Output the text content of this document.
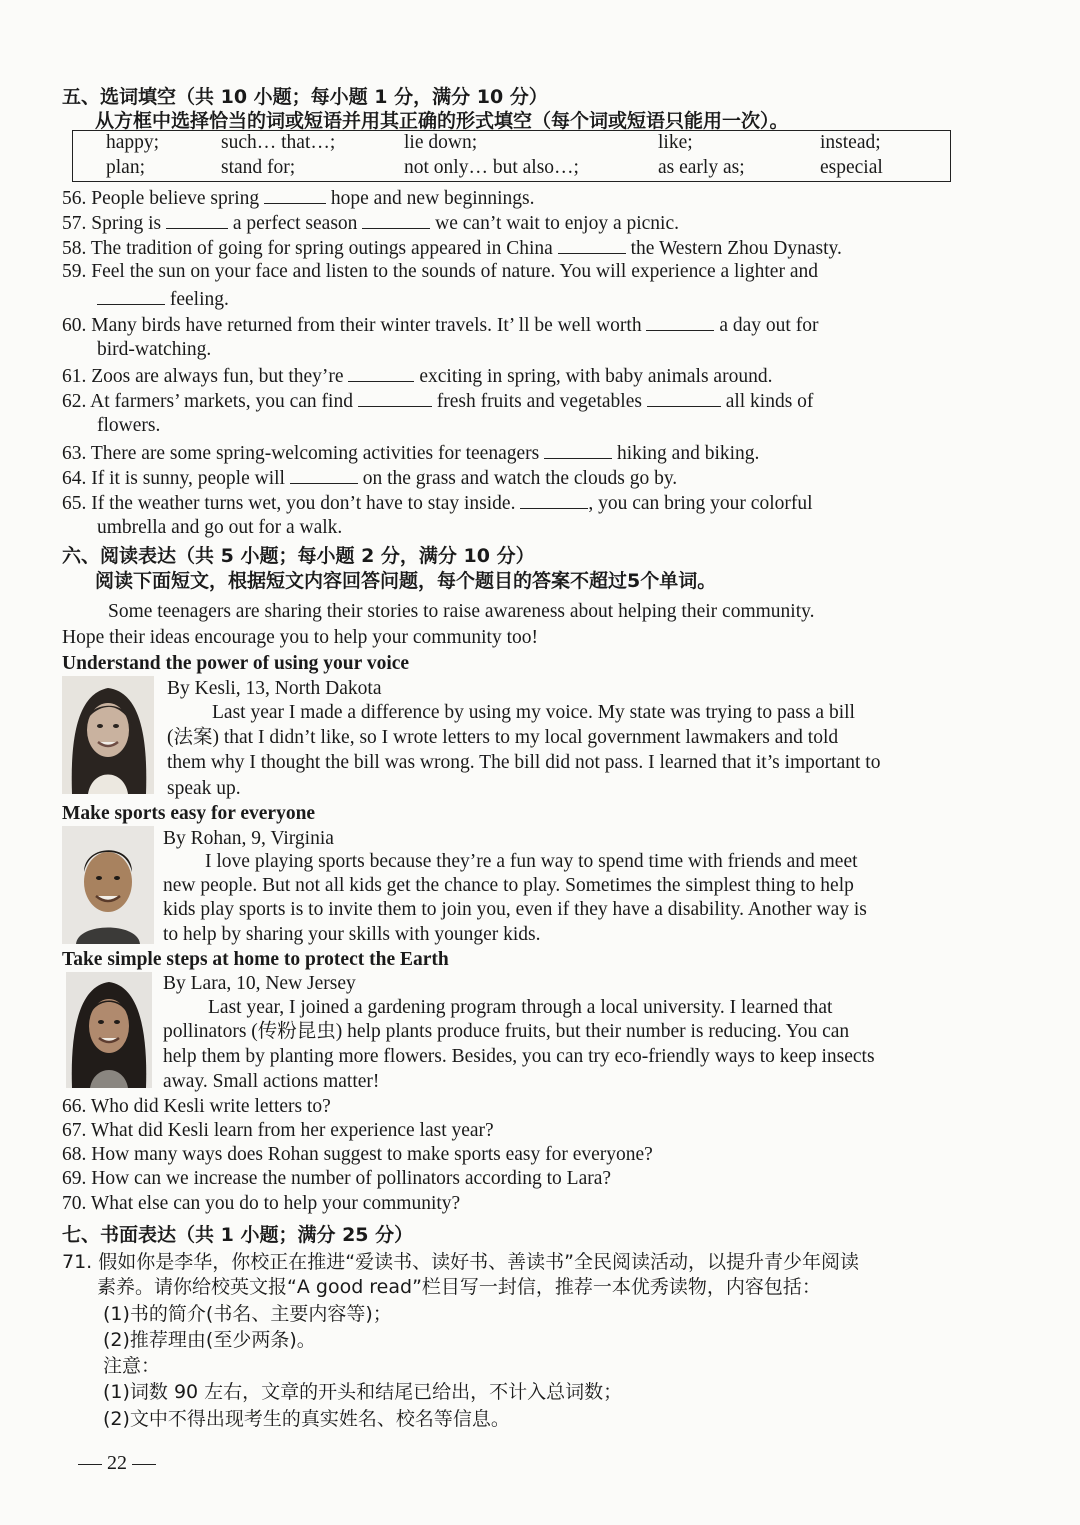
五、选词填空（共 10 小题；每小题 1 分，满分 10 分）
从方框中选择恰当的词或短语并用其正确的形式填空（每个词或短语只能用一次）。
happy;	such… that…;	lie down;	like;	instead;
plan;	stand for;	not only… but also…;	as early as;	especial
56. People believe spring	hope and new beginnings.
57. Spring is	a perfect season	we can’t wait to enjoy a picnic.
58. The tradition of going for spring outings appeared in China	the Western Zhou Dynasty.
59. Feel the sun on your face and listen to the sounds of nature. You will experience a lighter and
feeling.
60. Many birds have returned from their winter travels. It’ ll be well worth	a day out for
bird-watching.
61. Zoos are always fun, but they’re	exciting in spring, with baby animals around.
62. At farmers’ markets, you can find	fresh fruits and vegetables	all kinds of
flowers.
63. There are some spring-welcoming activities for teenagers	hiking and biking.
64. If it is sunny, people will	on the grass and watch the clouds go by.
65. If the weather turns wet, you don’t have to stay inside.	, you can bring your colorful
umbrella and go out for a walk.
六、阅读表达（共 5 小题；每小题 2 分，满分 10 分）
阅读下面短文，根据短文内容回答问题，每个题目的答案不超过5个单词。
Some teenagers are sharing their stories to raise awareness about helping their community.
Hope their ideas encourage you to help your community too!
Understand the power of using your voice
By Kesli, 13, North Dakota
Last year I made a difference by using my voice. My state was trying to pass a bill
(法案) that I didn’t like, so I wrote letters to my local government lawmakers and told
them why I thought the bill was wrong. The bill did not pass. I learned that it’s important to
speak up.
Make sports easy for everyone
By Rohan, 9, Virginia
I love playing sports because they’re a fun way to spend time with friends and meet
new people. But not all kids get the chance to play. Sometimes the simplest thing to help
kids play sports is to invite them to join you, even if they have a disability. Another way is
to help by sharing your skills with younger kids.
Take simple steps at home to protect the Earth
By Lara, 10, New Jersey
Last year, I joined a gardening program through a local university. I learned that
pollinators (传粉昆虫) help plants produce fruits, but their number is reducing. You can
help them by planting more flowers. Besides, you can try eco-friendly ways to keep insects
away. Small actions matter!
66. Who did Kesli write letters to?
67. What did Kesli learn from her experience last year?
68. How many ways does Rohan suggest to make sports easy for everyone?
69. How can we increase the number of pollinators according to Lara?
70. What else can you do to help your community?
七、书面表达（共 1 小题；满分 25 分）
71. 假如你是李华，你校正在推进“爱读书、读好书、善读书”全民阅读活动，以提升青少年阅读
素养。请你给校英文报“A good read”栏目写一封信，推荐一本优秀读物，内容包括：
(1)书的简介(书名、主要内容等)；
(2)推荐理由(至少两条)。
注意：
(1)词数 90 左右，文章的开头和结尾已给出，不计入总词数；
(2)文中不得出现考生的真实姓名、校名等信息。
22
